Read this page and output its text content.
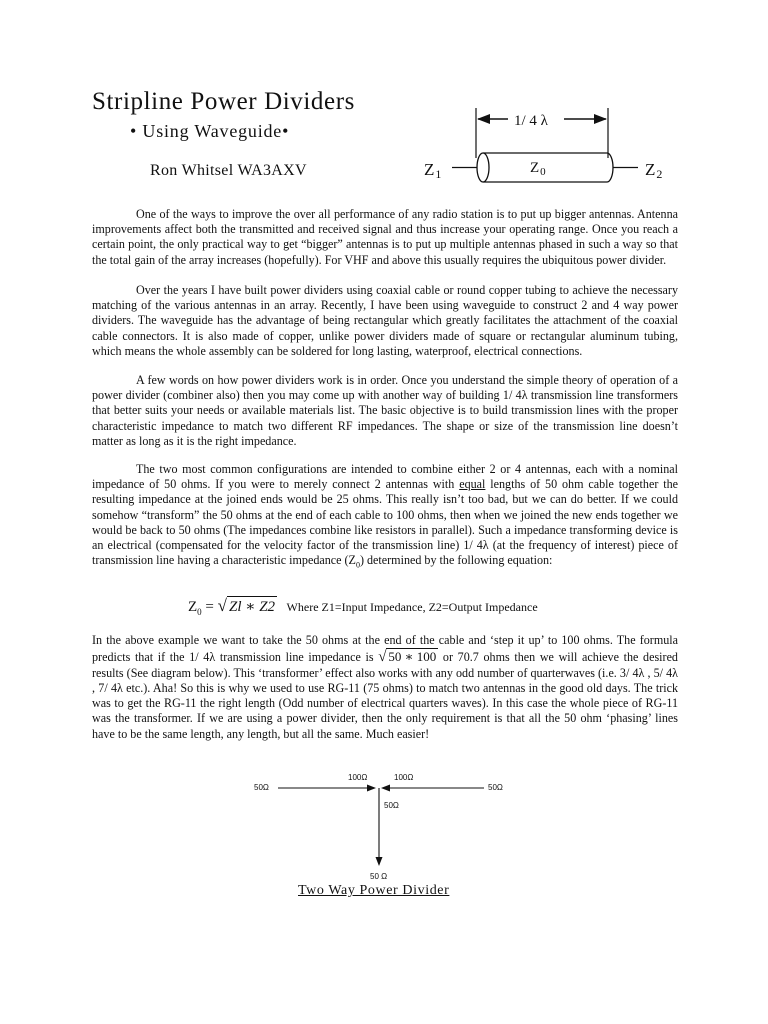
Stripline Power Dividers
• Using Waveguide•
Ron Whitsel WA3AXV
1/ 4 λ
Z1	$Z_0$	Z2

One of the ways to improve the over all performance of any radio station is to put up bigger antennas. Antenna improvements affect both the transmitted and received signal and thus increase your operating range. Once you reach a certain point, the only practical way to get “bigger” antennas is to put up multiple antennas phased in such a way so that the total gain of the array increases (hopefully). For VHF and above this usually requires the ubiquitous power divider.

Over the years I have built power dividers using coaxial cable or round copper tubing to achieve the necessary matching of the various antennas in an array. Recently, I have been using waveguide to construct 2 and 4 way power dividers. The waveguide has the advantage of being rectangular which greatly facilitates the attachment of the coaxial cable connectors. It is also made of copper, unlike power dividers made of square or rectangular aluminum tubing, which means the whole assembly can be soldered for long lasting, waterproof, electrical connections.

A few words on how power dividers work is in order. Once you understand the simple theory of operation of a power divider (combiner also) then you may come up with another way of building 1/ 4λ transmission line transformers that better suits your needs or available materials list. The basic objective is to build transmission lines with the proper characteristic impedance to match two different RF impedances. The shape or size of the transmission line doesn’t matter as long as it is the right impedance.

The two most common configurations are intended to combine either 2 or 4 antennas, each with a nominal impedance of 50 ohms. If you were to merely connect 2 antennas with equal lengths of 50 ohm cable together the resulting impedance at the joined ends would be 25 ohms. This really isn’t too bad, but we can do better. If we could somehow “transform” the 50 ohms at the end of each cable to 100 ohms, then when we joined the new ends together we would be back to 50 ohms (The impedances combine like resistors in parallel). Such a impedance transforming device is an electrical (compensated for the velocity factor of the transmission line) 1/ 4λ (at the frequency of interest) piece of transmission line having a characteristic impedance $(Z_0)$ determined by the following equation:

$Z_0$ = √ Zl ∗ Z2 Where Z1=Input Impedance, Z2=Output Impedance

In the above example we want to take the 50 ohms at the end of the cable and ‘step it up’ to 100 ohms. The formula predicts that if the 1/ 4λ transmission line impedance is √ 50 ∗ 100 or 70.7 ohms then we will achieve the desired results (See diagram below). This ‘transformer’ effect also works with any odd number of quarterwaves (i.e. 3/ 4λ , 5/ 4λ , 7/ 4λ etc.). Aha! So this is why we used to use RG-11 (75 ohms) to match two antennas in the good old days. The trick was to get the RG-11 the right length (Odd number of electrical quarters waves). In this case the whole piece of RG-11 was the transformer. If we are using a power divider, then the only requirement is that all the 50 ohm ‘phasing’ lines have to be the same length, any length, but all the same. Much easier!

50Ω
100Ω	100Ω
50Ω
50Ω
50 Ω
Two Way Power Divider
